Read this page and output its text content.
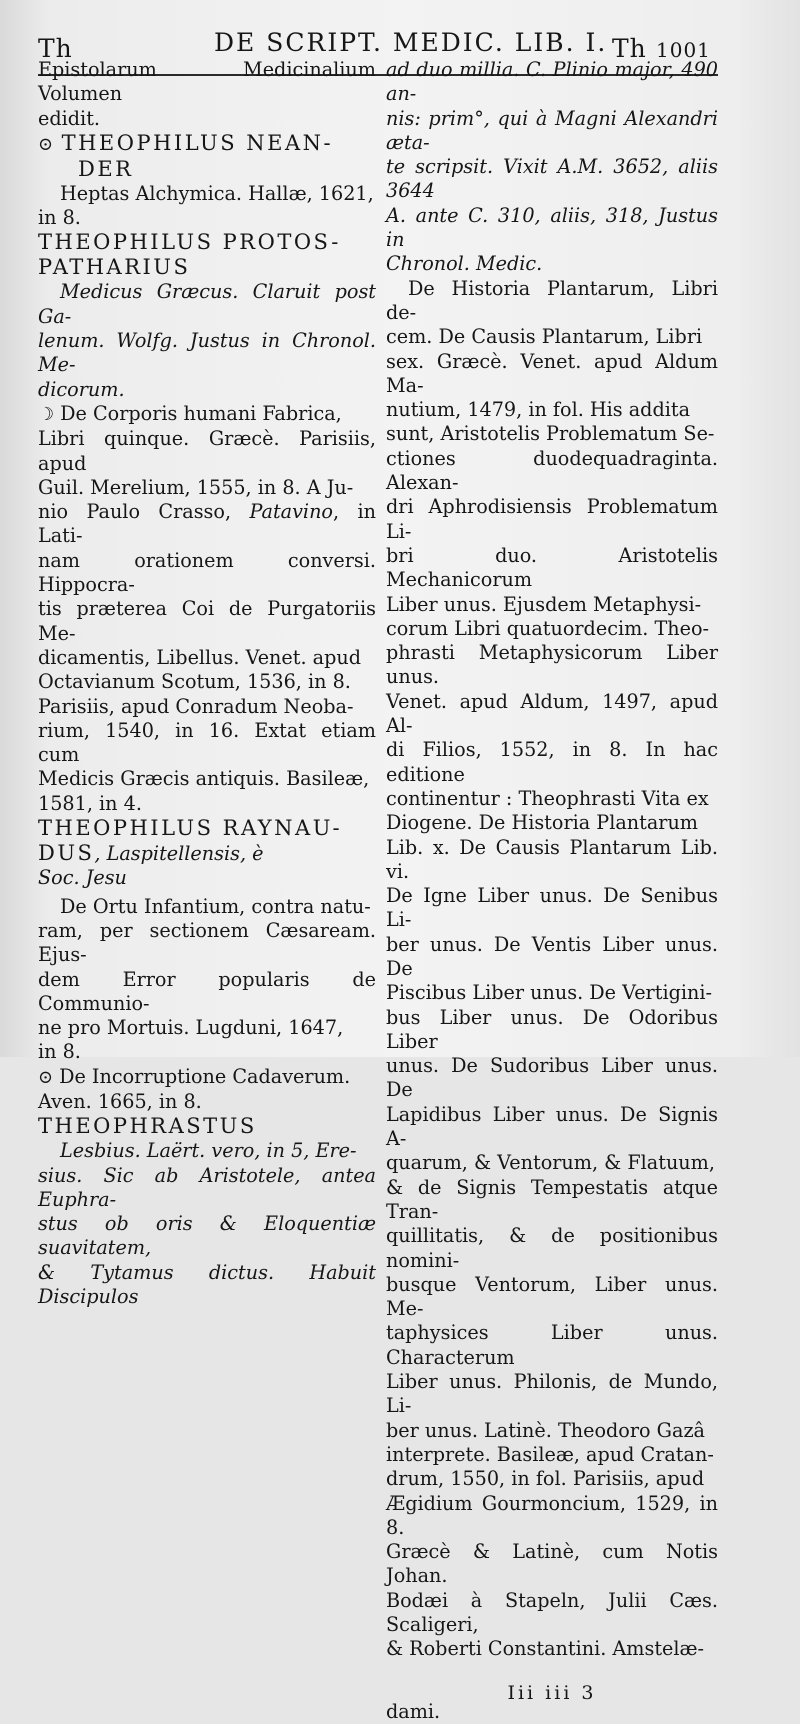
Th	DE SCRIPT. MEDIC. LIB. I. Th 1001

Epistolarum Medicinalium Volumen

edidit.

⊙ THEOPHILUS NEAN-

DER

Heptas Alchymica. Hallæ, 1621,

in 8.

THEOPHILUS PROTOS-

PATHARIUS

Medicus Græcus. Claruit post Ga-

lenum. Wolfg. Justus in Chronol. Me-

dicorum.

☽ De Corporis humani Fabrica,

Libri quinque. Græcè. Parisiis, apud

Guil. Merelium, 1555, in 8. A Ju-

nio Paulo Crasso, Patavino, in Lati-

nam orationem conversi. Hippocra-

tis præterea Coi de Purgatoriis Me-

dicamentis, Libellus. Venet. apud

Octavianum Scotum, 1536, in 8.

Parisiis, apud Conradum Neoba-

rium, 1540, in 16. Extat etiam cum

Medicis Græcis antiquis. Basileæ,

1581, in 4.

THEOPHILUS RAYNAU-

DUS, Laspitellensis, è

Soc. Jesu

De Ortu Infantium, contra natu-

ram, per sectionem Cæsaream. Ejus-

dem Error popularis de Communio-

ne pro Mortuis. Lugduni, 1647,

in 8.

⊙ De Incorruptione Cadaverum.

Aven. 1665, in 8.

THEOPHRASTUS

Lesbius. Laërt. vero, in 5, Ere-

sius. Sic ab Aristotele, antea Euphra-

stus ob oris & Eloquentiæ suavitatem,

& Tytamus dictus. Habuit Discipulos

ad duo millia. C. Plinio major, 490 an-

nis: prim°, qui à Magni Alexandri æta-

te scripsit. Vixit A.M. 3652, aliis 3644

A. ante C. 310, aliis, 318, Justus in

Chronol. Medic.

De Historia Plantarum, Libri de-

cem. De Causis Plantarum, Libri

sex. Græcè. Venet. apud Aldum Ma-

nutium, 1479, in fol. His addita

sunt, Aristotelis Problematum Se-

ctiones duodequadraginta. Alexan-

dri Aphrodisiensis Problematum Li-

bri duo. Aristotelis Mechanicorum

Liber unus. Ejusdem Metaphysi-

corum Libri quatuordecim. Theo-

phrasti Metaphysicorum Liber unus.

Venet. apud Aldum, 1497, apud Al-

di Filios, 1552, in 8. In hac editione

continentur : Theophrasti Vita ex

Diogene. De Historia Plantarum

Lib. x. De Causis Plantarum Lib. vi.

De Igne Liber unus. De Senibus Li-

ber unus. De Ventis Liber unus. De

Piscibus Liber unus. De Vertigini-

bus Liber unus. De Odoribus Liber

unus. De Sudoribus Liber unus. De

Lapidibus Liber unus. De Signis A-

quarum, & Ventorum, & Flatuum,

& de Signis Tempestatis atque Tran-

quillitatis, & de positionibus nomini-

busque Ventorum, Liber unus. Me-

taphysices Liber unus. Characterum

Liber unus. Philonis, de Mundo, Li-

ber unus. Latinè. Theodoro Gazâ

interprete. Basileæ, apud Cratan-

drum, 1550, in fol. Parisiis, apud

Ægidium Gourmoncium, 1529, in 8.

Græcè & Latinè, cum Notis Johan.

Bodæi à Stapeln, Julii Cæs. Scaligeri,

& Roberti Constantini. Amstelæ-

Iii iii 3

dami.
